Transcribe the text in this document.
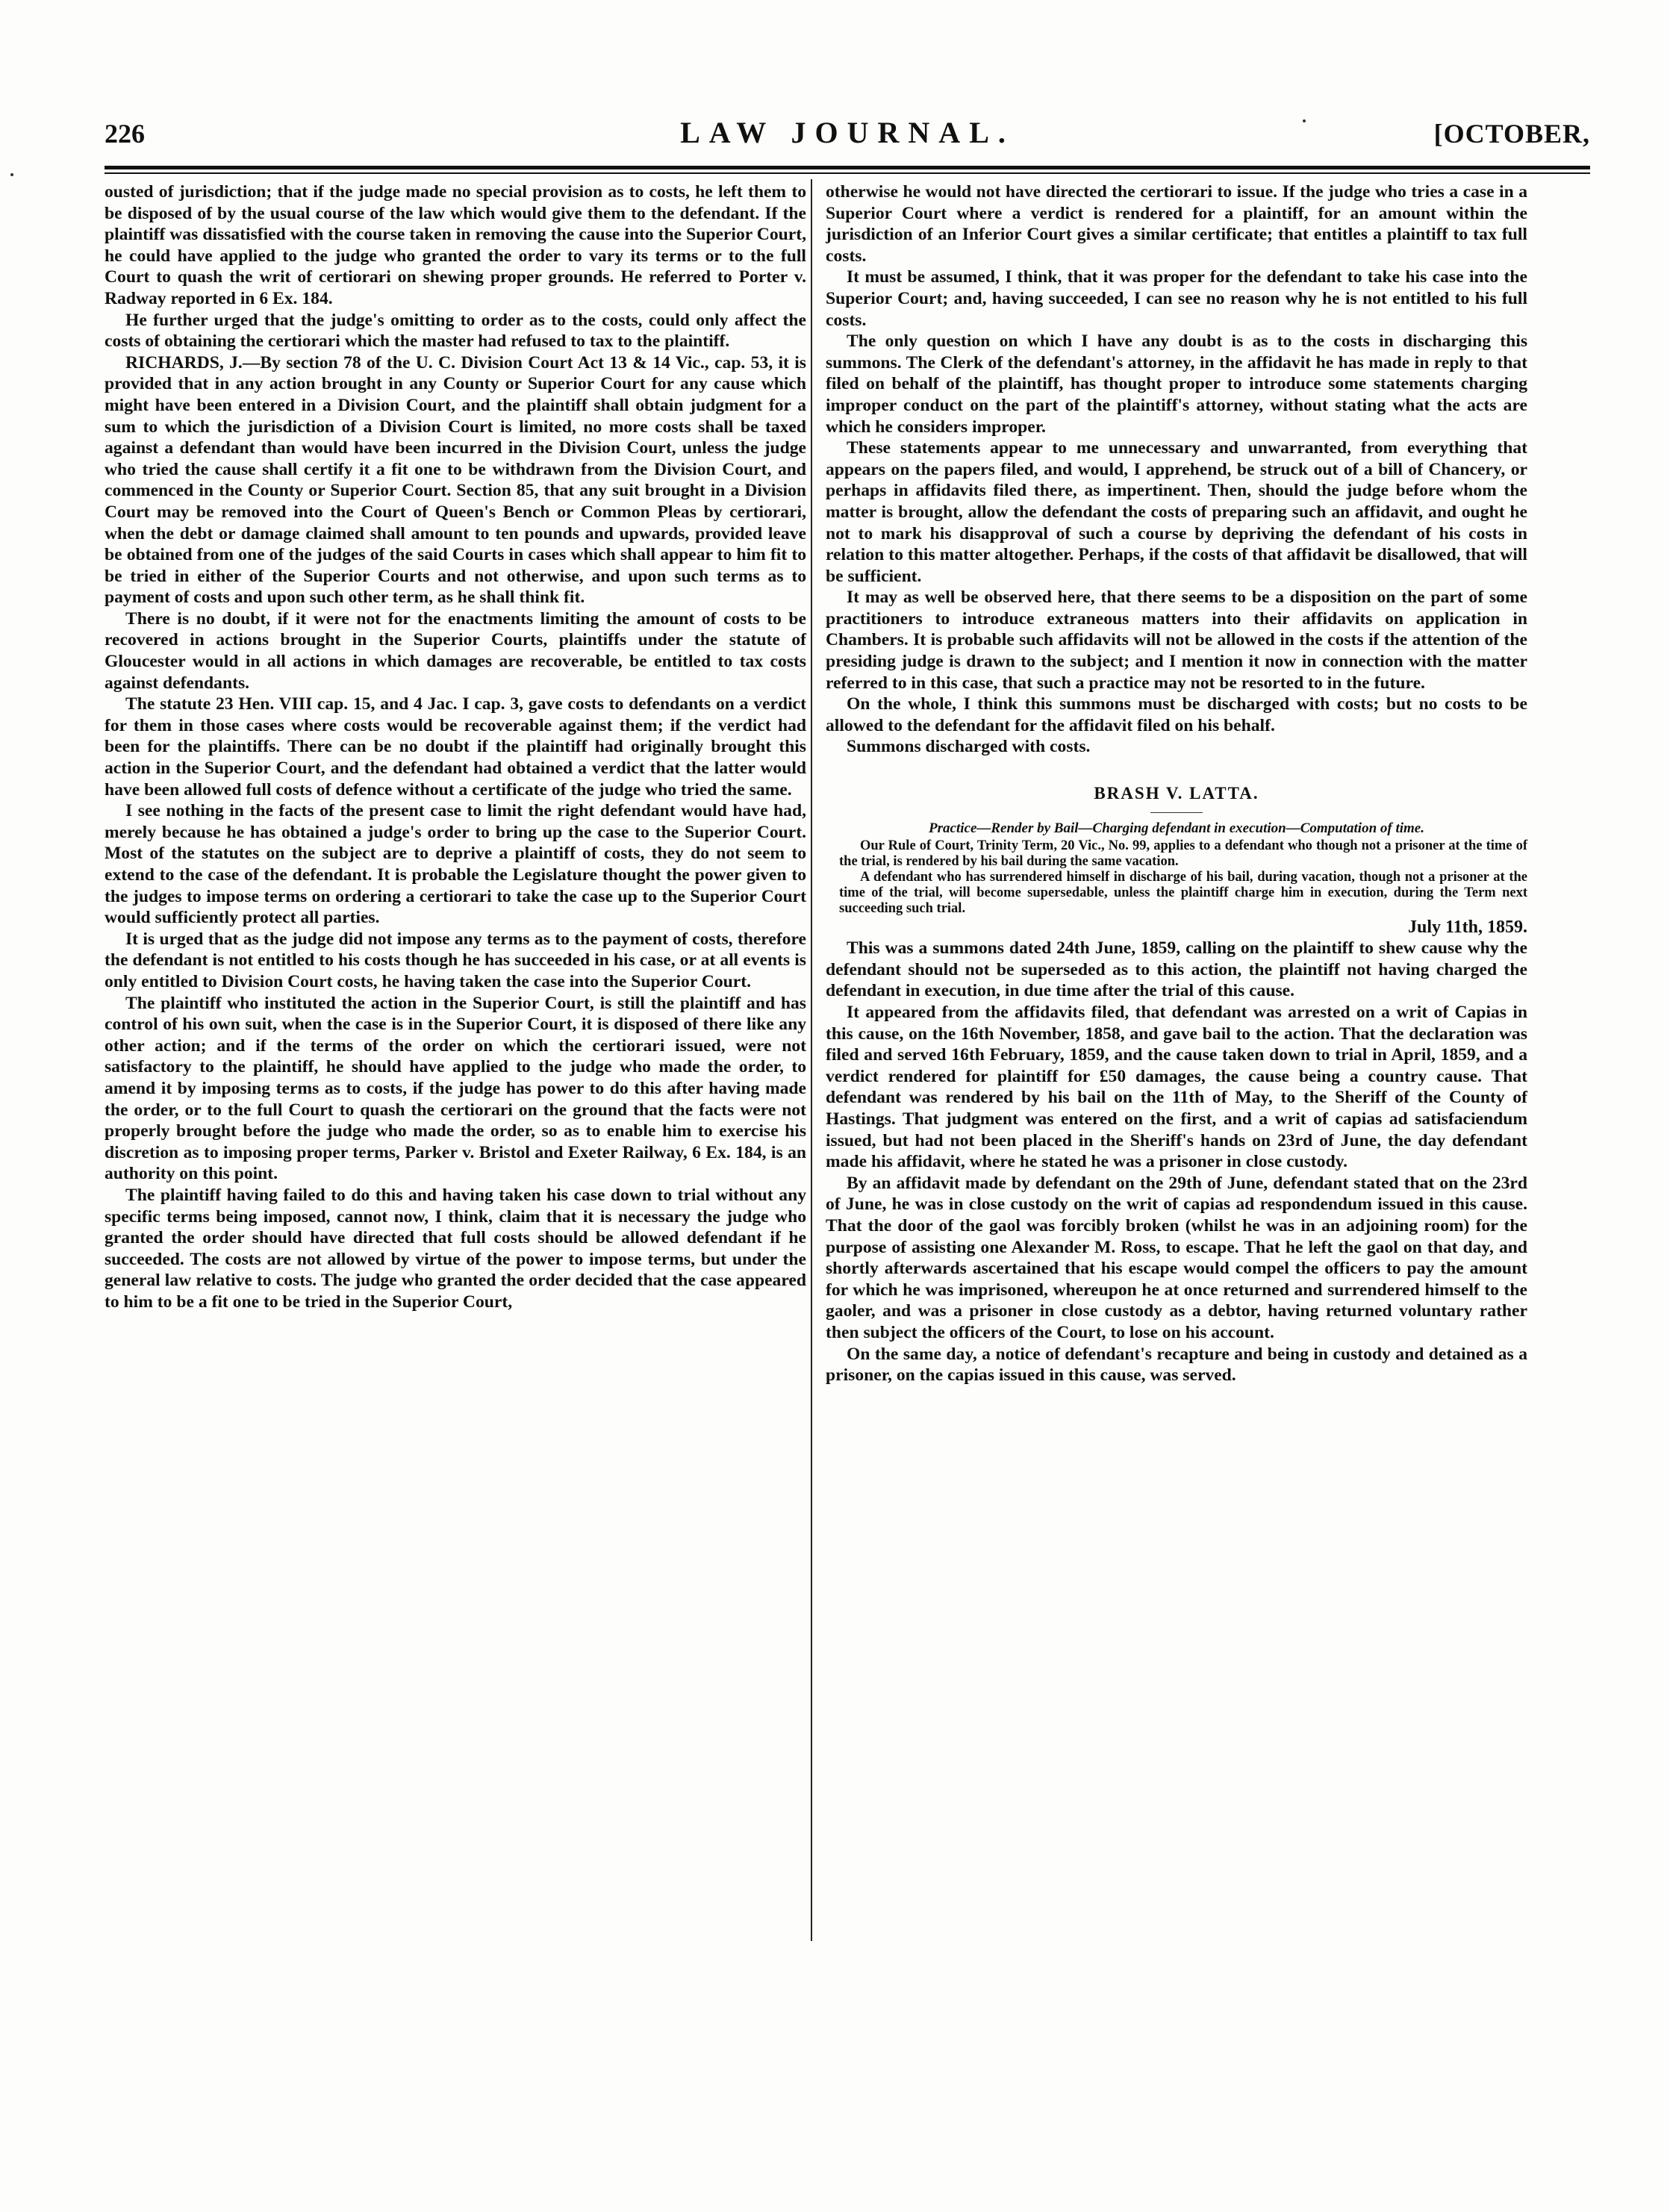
226	LAW JOURNAL.	[OCTOBER,

ousted of jurisdiction; that if the judge made no special provision as to costs, he left them to be disposed of by the usual course of the law which would give them to the defendant. If the plaintiff was dissatisfied with the course taken in removing the cause into the Superior Court, he could have applied to the judge who granted the order to vary its terms or to the full Court to quash the writ of certiorari on shewing proper grounds. He referred to Porter v. Radway reported in 6 Ex. 184.

He further urged that the judge's omitting to order as to the costs, could only affect the costs of obtaining the certiorari which the master had refused to tax to the plaintiff.

RICHARDS, J.—By section 78 of the U. C. Division Court Act 13 & 14 Vic., cap. 53, it is provided that in any action brought in any County or Superior Court for any cause which might have been entered in a Division Court, and the plaintiff shall obtain judgment for a sum to which the jurisdiction of a Division Court is limited, no more costs shall be taxed against a defendant than would have been incurred in the Division Court, unless the judge who tried the cause shall certify it a fit one to be withdrawn from the Division Court, and commenced in the County or Superior Court. Section 85, that any suit brought in a Division Court may be removed into the Court of Queen's Bench or Common Pleas by certiorari, when the debt or damage claimed shall amount to ten pounds and upwards, provided leave be obtained from one of the judges of the said Courts in cases which shall appear to him fit to be tried in either of the Superior Courts and not otherwise, and upon such terms as to payment of costs and upon such other term, as he shall think fit.

There is no doubt, if it were not for the enactments limiting the amount of costs to be recovered in actions brought in the Superior Courts, plaintiffs under the statute of Gloucester would in all actions in which damages are recoverable, be entitled to tax costs against defendants.

The statute 23 Hen. VIII cap. 15, and 4 Jac. I cap. 3, gave costs to defendants on a verdict for them in those cases where costs would be recoverable against them; if the verdict had been for the plaintiffs. There can be no doubt if the plaintiff had originally brought this action in the Superior Court, and the defendant had obtained a verdict that the latter would have been allowed full costs of defence without a certificate of the judge who tried the same.

I see nothing in the facts of the present case to limit the right defendant would have had, merely because he has obtained a judge's order to bring up the case to the Superior Court. Most of the statutes on the subject are to deprive a plaintiff of costs, they do not seem to extend to the case of the defendant. It is probable the Legislature thought the power given to the judges to impose terms on ordering a certiorari to take the case up to the Superior Court would sufficiently protect all parties.

It is urged that as the judge did not impose any terms as to the payment of costs, therefore the defendant is not entitled to his costs though he has succeeded in his case, or at all events is only entitled to Division Court costs, he having taken the case into the Superior Court.

The plaintiff who instituted the action in the Superior Court, is still the plaintiff and has control of his own suit, when the case is in the Superior Court, it is disposed of there like any other action; and if the terms of the order on which the certiorari issued, were not satisfactory to the plaintiff, he should have applied to the judge who made the order, to amend it by imposing terms as to costs, if the judge has power to do this after having made the order, or to the full Court to quash the certiorari on the ground that the facts were not properly brought before the judge who made the order, so as to enable him to exercise his discretion as to imposing proper terms, Parker v. Bristol and Exeter Railway, 6 Ex. 184, is an authority on this point.

The plaintiff having failed to do this and having taken his case down to trial without any specific terms being imposed, cannot now, I think, claim that it is necessary the judge who granted the order should have directed that full costs should be allowed defendant if he succeeded. The costs are not allowed by virtue of the power to impose terms, but under the general law relative to costs. The judge who granted the order decided that the case appeared to him to be a fit one to be tried in the Superior Court,

otherwise he would not have directed the certiorari to issue. If the judge who tries a case in a Superior Court where a verdict is rendered for a plaintiff, for an amount within the jurisdiction of an Inferior Court gives a similar certificate; that entitles a plaintiff to tax full costs.

It must be assumed, I think, that it was proper for the defendant to take his case into the Superior Court; and, having succeeded, I can see no reason why he is not entitled to his full costs.

The only question on which I have any doubt is as to the costs in discharging this summons. The Clerk of the defendant's attorney, in the affidavit he has made in reply to that filed on behalf of the plaintiff, has thought proper to introduce some statements charging improper conduct on the part of the plaintiff's attorney, without stating what the acts are which he considers improper.

These statements appear to me unnecessary and unwarranted, from everything that appears on the papers filed, and would, I apprehend, be struck out of a bill of Chancery, or perhaps in affidavits filed there, as impertinent. Then, should the judge before whom the matter is brought, allow the defendant the costs of preparing such an affidavit, and ought he not to mark his disapproval of such a course by depriving the defendant of his costs in relation to this matter altogether. Perhaps, if the costs of that affidavit be disallowed, that will be sufficient.

It may as well be observed here, that there seems to be a disposition on the part of some practitioners to introduce extraneous matters into their affidavits on application in Chambers. It is probable such affidavits will not be allowed in the costs if the attention of the presiding judge is drawn to the subject; and I mention it now in connection with the matter referred to in this case, that such a practice may not be resorted to in the future.

On the whole, I think this summons must be discharged with costs; but no costs to be allowed to the defendant for the affidavit filed on his behalf.

Summons discharged with costs.

BRASH V. LATTA.
Practice—Render by Bail—Charging defendant in execution—Computation of time.

Our Rule of Court, Trinity Term, 20 Vic., No. 99, applies to a defendant who though not a prisoner at the time of the trial, is rendered by his bail during the same vacation.

A defendant who has surrendered himself in discharge of his bail, during vacation, though not a prisoner at the time of the trial, will become supersedable, unless the plaintiff charge him in execution, during the Term next succeeding such trial.

July 11th, 1859.

This was a summons dated 24th June, 1859, calling on the plaintiff to shew cause why the defendant should not be superseded as to this action, the plaintiff not having charged the defendant in execution, in due time after the trial of this cause.

It appeared from the affidavits filed, that defendant was arrested on a writ of Capias in this cause, on the 16th November, 1858, and gave bail to the action. That the declaration was filed and served 16th February, 1859, and the cause taken down to trial in April, 1859, and a verdict rendered for plaintiff for £50 damages, the cause being a country cause. That defendant was rendered by his bail on the 11th of May, to the Sheriff of the County of Hastings. That judgment was entered on the first, and a writ of capias ad satisfaciendum issued, but had not been placed in the Sheriff's hands on 23rd of June, the day defendant made his affidavit, where he stated he was a prisoner in close custody.

By an affidavit made by defendant on the 29th of June, defendant stated that on the 23rd of June, he was in close custody on the writ of capias ad respondendum issued in this cause. That the door of the gaol was forcibly broken (whilst he was in an adjoining room) for the purpose of assisting one Alexander M. Ross, to escape. That he left the gaol on that day, and shortly afterwards ascertained that his escape would compel the officers to pay the amount for which he was imprisoned, whereupon he at once returned and surrendered himself to the gaoler, and was a prisoner in close custody as a debtor, having returned voluntary rather then subject the officers of the Court, to lose on his account.

On the same day, a notice of defendant's recapture and being in custody and detained as a prisoner, on the capias issued in this cause, was served.
